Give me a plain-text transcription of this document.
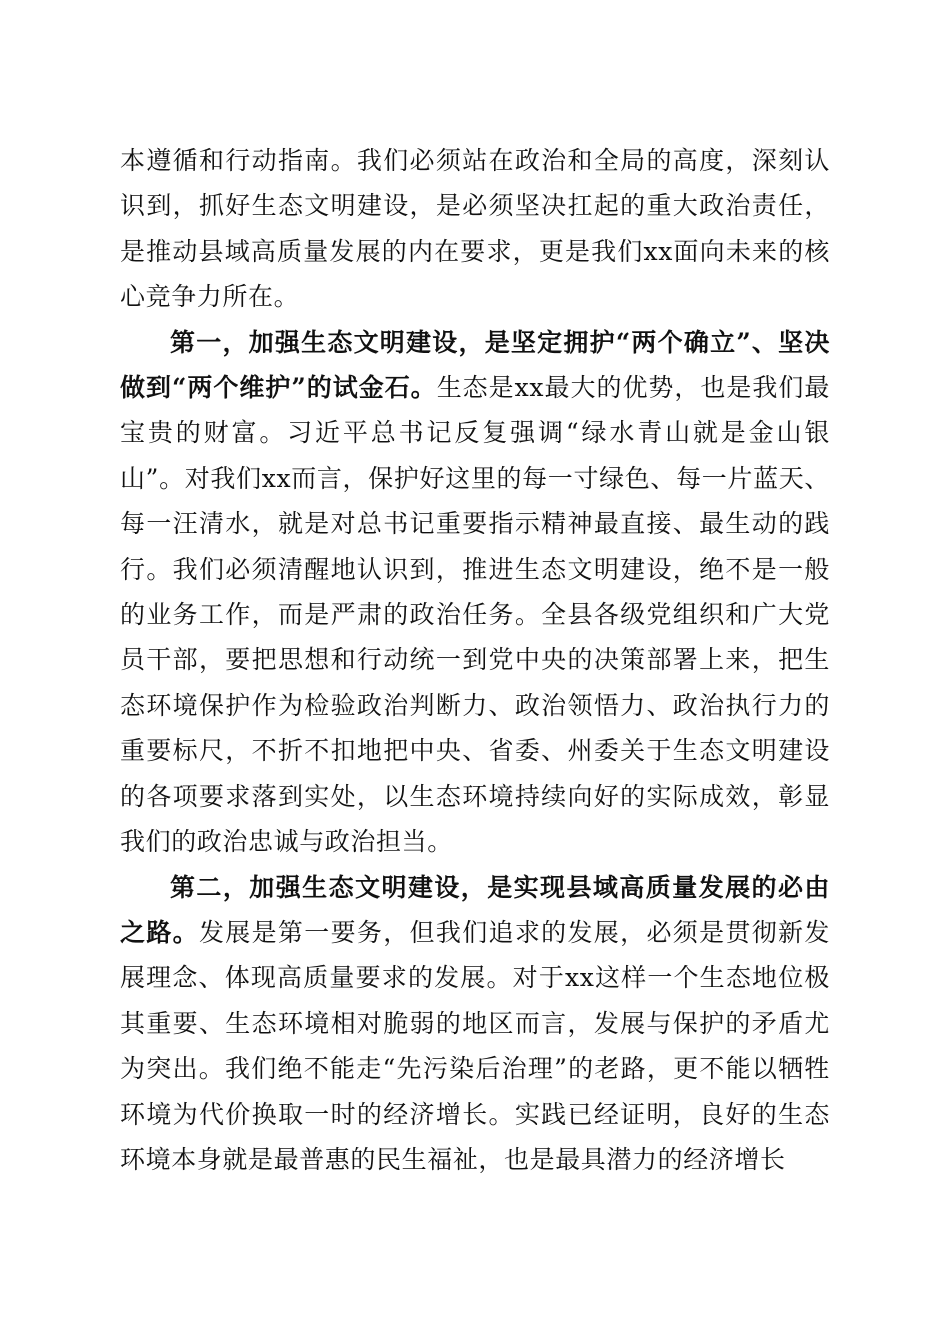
本遵循和行动指南。我们必须站在政治和全局的高度，深刻认识到，抓好生态文明建设，是必须坚决扛起的重大政治责任，是推动县域高质量发展的内在要求，更是我们xx面向未来的核心竞争力所在。

第一，加强生态文明建设，是坚定拥护“两个确立”、坚决做到“两个维护”的试金石。生态是xx最大的优势，也是我们最宝贵的财富。习近平总书记反复强调“绿水青山就是金山银山”。对我们xx而言，保护好这里的每一寸绿色、每一片蓝天、每一汪清水，就是对总书记重要指示精神最直接、最生动的践行。我们必须清醒地认识到，推进生态文明建设，绝不是一般的业务工作，而是严肃的政治任务。全县各级党组织和广大党员干部，要把思想和行动统一到党中央的决策部署上来，把生态环境保护作为检验政治判断力、政治领悟力、政治执行力的重要标尺，不折不扣地把中央、省委、州委关于生态文明建设的各项要求落到实处，以生态环境持续向好的实际成效，彰显我们的政治忠诚与政治担当。

第二，加强生态文明建设，是实现县域高质量发展的必由之路。发展是第一要务，但我们追求的发展，必须是贯彻新发展理念、体现高质量要求的发展。对于xx这样一个生态地位极其重要、生态环境相对脆弱的地区而言，发展与保护的矛盾尤为突出。我们绝不能走“先污染后治理”的老路，更不能以牺牲环境为代价换取一时的经济增长。实践已经证明，良好的生态环境本身就是最普惠的民生福祉，也是最具潜力的经济增长
